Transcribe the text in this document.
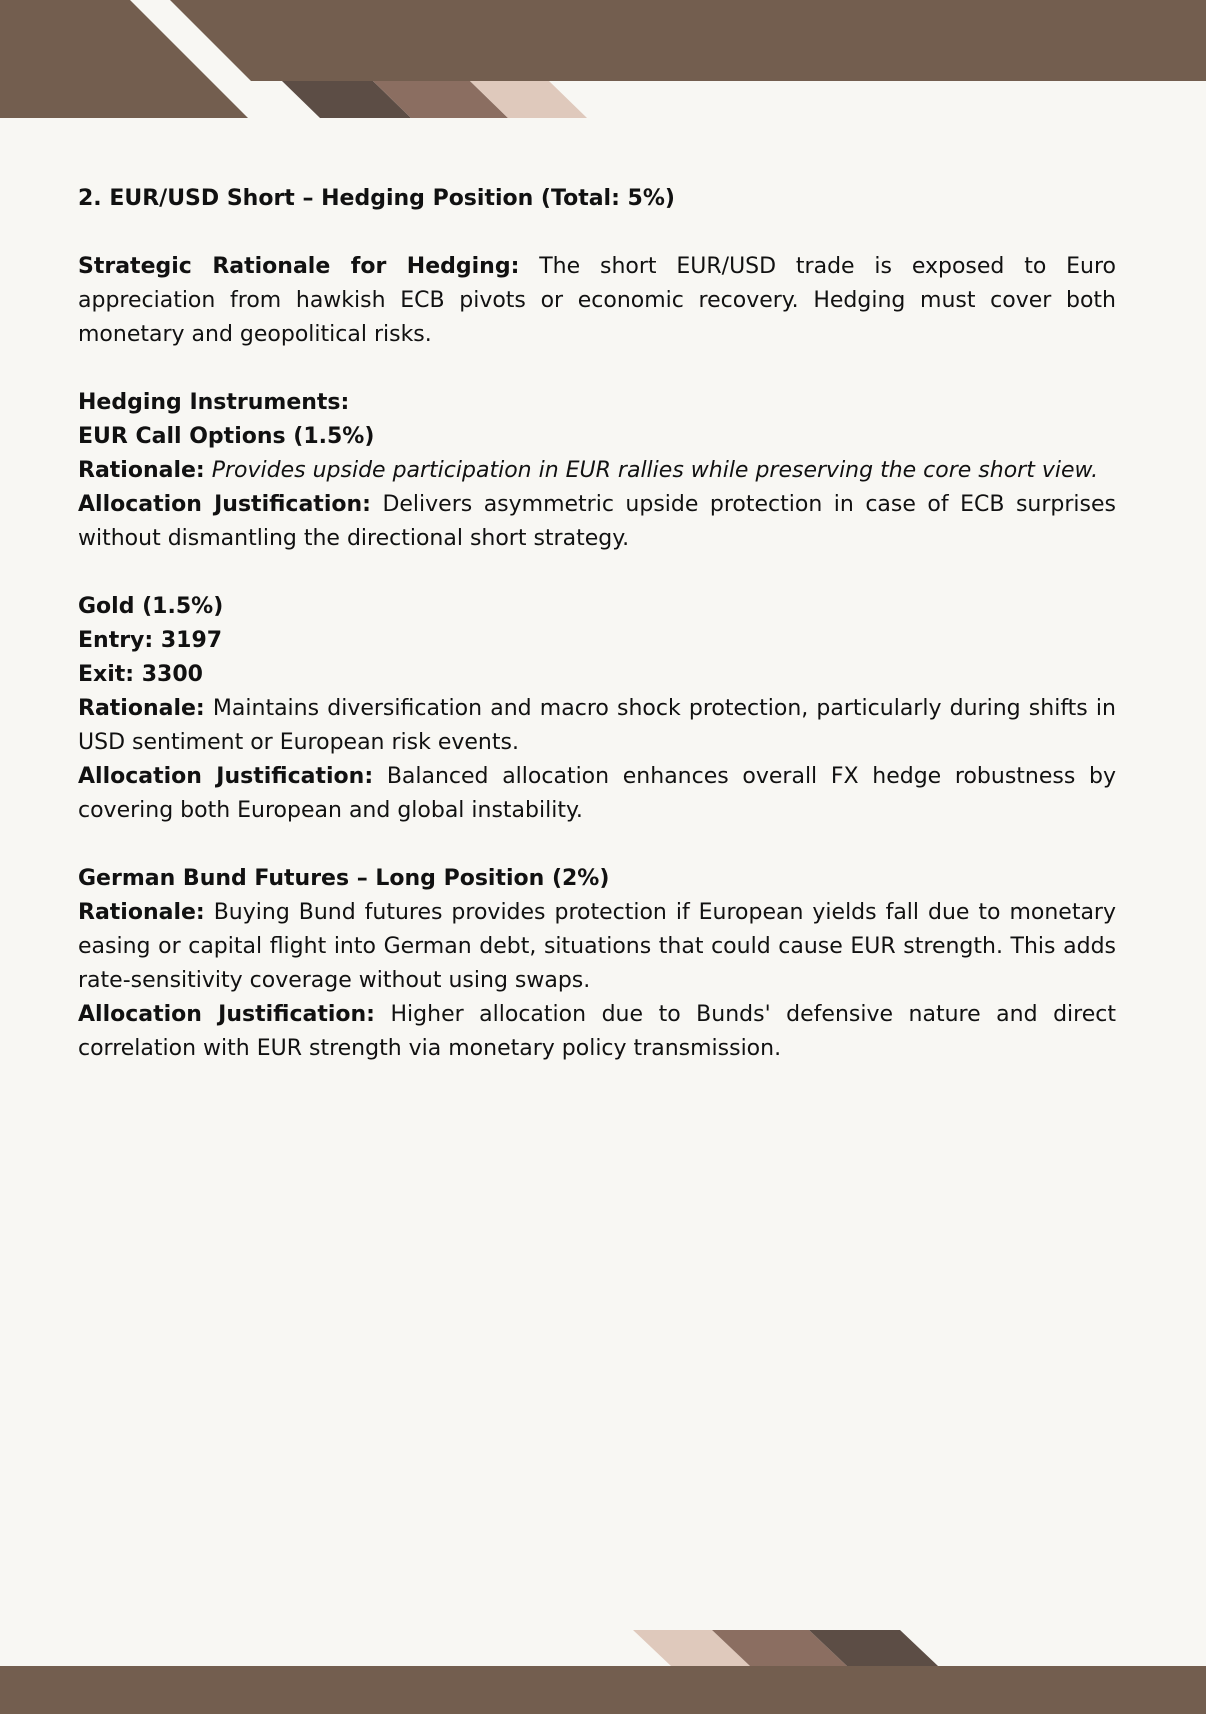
2. EUR/USD Short – Hedging Position (Total: 5%)

Strategic Rationale for Hedging: The short EUR/USD trade is exposed to Euro appreciation from hawkish ECB pivots or economic recovery. Hedging must cover both monetary and geopolitical risks.

Hedging Instruments:

EUR Call Options (1.5%)

Rationale: Provides upside participation in EUR rallies while preserving the core short view.

Allocation Justification: Delivers asymmetric upside protection in case of ECB surprises without dismantling the directional short strategy.

Gold (1.5%)

Entry: 3197

Exit: 3300

Rationale: Maintains diversification and macro shock protection, particularly during shifts in USD sentiment or European risk events.

Allocation Justification: Balanced allocation enhances overall FX hedge robustness by covering both European and global instability.

German Bund Futures – Long Position (2%)

Rationale: Buying Bund futures provides protection if European yields fall due to monetary easing or capital flight into German debt, situations that could cause EUR strength. This adds rate-sensitivity coverage without using swaps.

Allocation Justification: Higher allocation due to Bunds' defensive nature and direct correlation with EUR strength via monetary policy transmission.
